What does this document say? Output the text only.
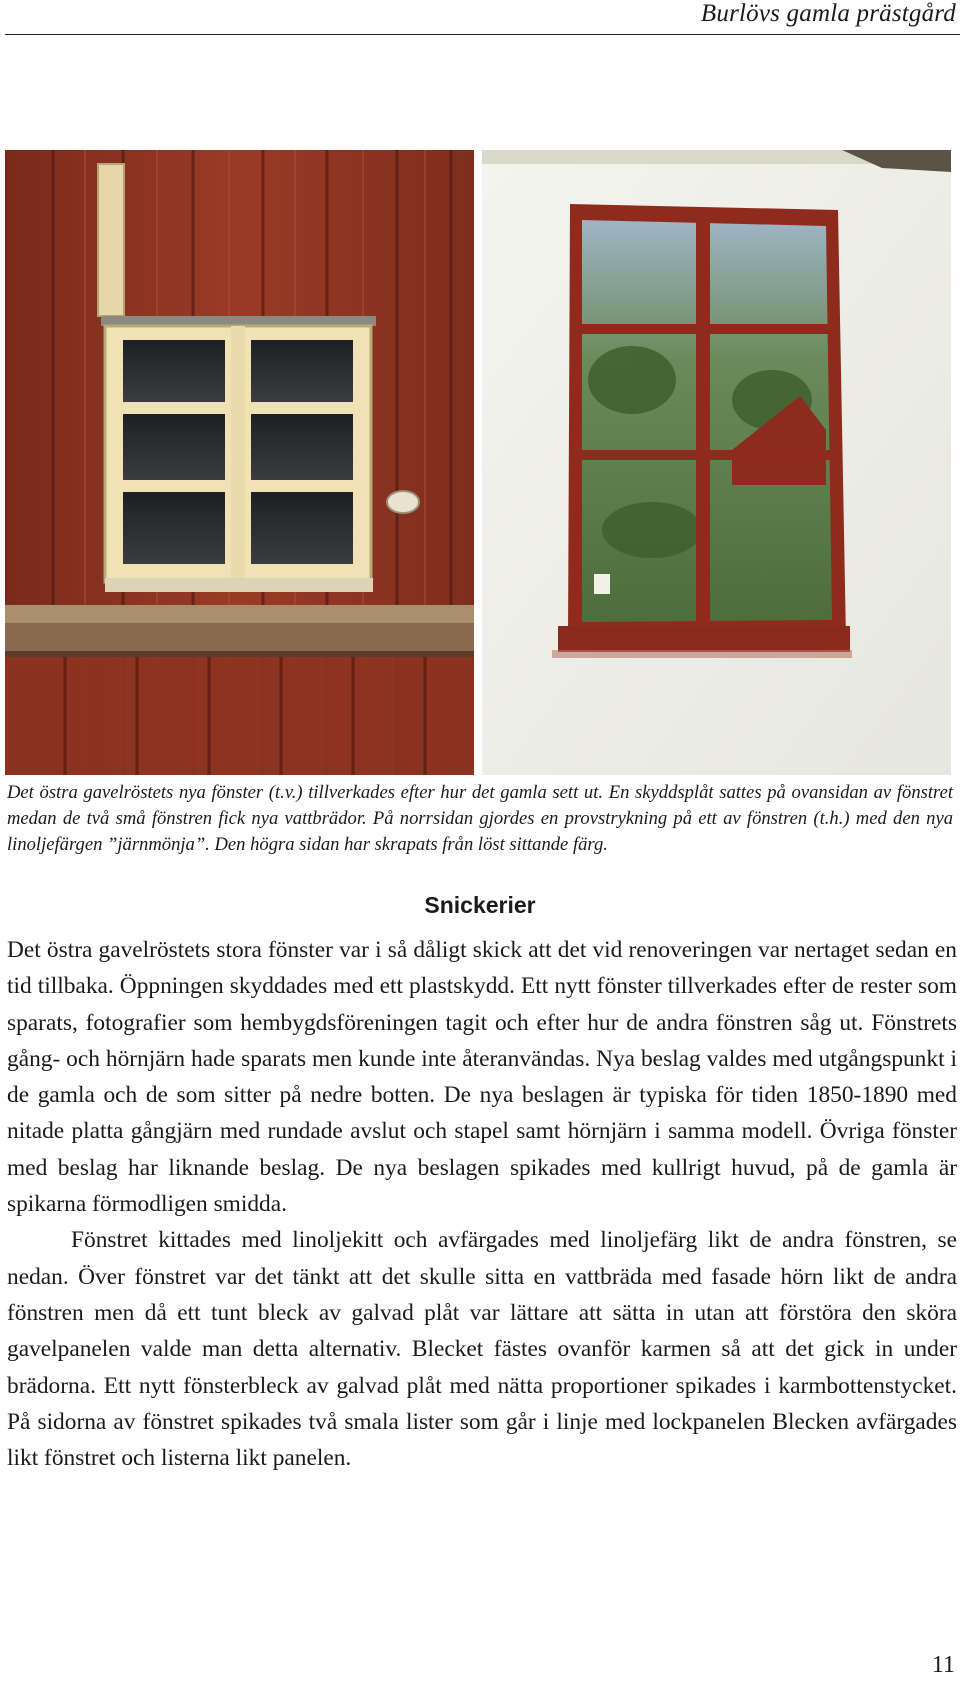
Burlövs gamla prästgård
Det östra gavelröstets nya fönster (t.v.) tillverkades efter hur det gamla sett ut. En skyddsplåt sattes på ovansidan av fönstret medan de två små fönstren fick nya vattbrädor. På norrsidan gjordes en provstrykning på ett av fönstren (t.h.) med den nya linoljefärgen ”järnmönja”. Den högra sidan har skrapats från löst sittande färg.
Snickerier

Det östra gavelröstets stora fönster var i så dåligt skick att det vid renoveringen var nertaget sedan en tid tillbaka. Öppningen skyddades med ett plastskydd. Ett nytt fönster tillverkades efter de rester som sparats, fotografier som hembygdsföreningen tagit och efter hur de andra fönstren såg ut. Fönstrets gång- och hörnjärn hade sparats men kunde inte återanvändas. Nya beslag valdes med utgångspunkt i de gamla och de som sitter på nedre botten. De nya beslagen är typiska för tiden 1850-1890 med nitade platta gångjärn med rundade avslut och stapel samt hörnjärn i samma modell. Övriga fönster med beslag har liknande beslag. De nya beslagen spikades med kullrigt huvud, på de gamla är spikarna förmodligen smidda.

Fönstret kittades med linoljekitt och avfärgades med linoljefärg likt de andra fönstren, se nedan. Över fönstret var det tänkt att det skulle sitta en vattbräda med fasade hörn likt de andra fönstren men då ett tunt bleck av galvad plåt var lättare att sätta in utan att förstöra den sköra gavelpanelen valde man detta alternativ. Blecket fästes ovanför karmen så att det gick in under brädorna. Ett nytt fönsterbleck av galvad plåt med nätta proportioner spikades i karmbottenstycket. På sidorna av fönstret spikades två smala lister som går i linje med lockpanelen Blecken avfärgades likt fönstret och listerna likt panelen.

11
